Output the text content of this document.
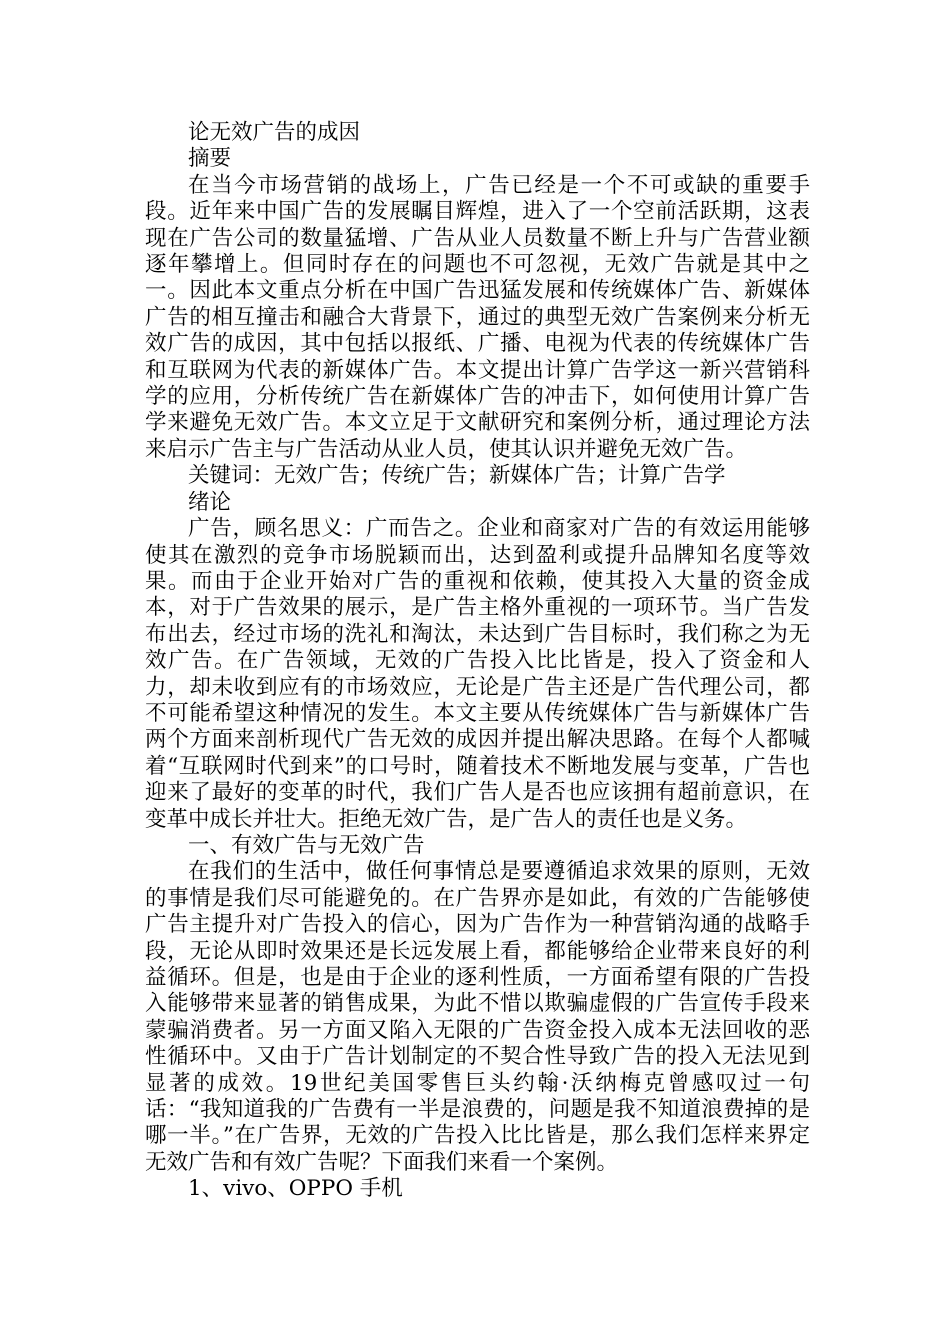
论无效广告的成因

摘要

在当今市场营销的战场上，广告已经是一个不可或缺的重要手段。近年来中国广告的发展瞩目辉煌，进入了一个空前活跃期，这表现在广告公司的数量猛增、广告从业人员数量不断上升与广告营业额逐年攀增上。但同时存在的问题也不可忽视，无效广告就是其中之一。因此本文重点分析在中国广告迅猛发展和传统媒体广告、新媒体广告的相互撞击和融合大背景下，通过的典型无效广告案例来分析无效广告的成因，其中包括以报纸、广播、电视为代表的传统媒体广告和互联网为代表的新媒体广告。本文提出计算广告学这一新兴营销科学的应用，分析传统广告在新媒体广告的冲击下，如何使用计算广告学来避免无效广告。本文立足于文献研究和案例分析，通过理论方法来启示广告主与广告活动从业人员，使其认识并避免无效广告。

关键词：无效广告；传统广告；新媒体广告；计算广告学

绪论

广告，顾名思义：广而告之。企业和商家对广告的有效运用能够使其在激烈的竞争市场脱颖而出，达到盈利或提升品牌知名度等效果。而由于企业开始对广告的重视和依赖，使其投入大量的资金成本，对于广告效果的展示，是广告主格外重视的一项环节。当广告发布出去，经过市场的洗礼和淘汰，未达到广告目标时，我们称之为无效广告。在广告领域，无效的广告投入比比皆是，投入了资金和人力，却未收到应有的市场效应，无论是广告主还是广告代理公司，都不可能希望这种情况的发生。本文主要从传统媒体广告与新媒体广告两个方面来剖析现代广告无效的成因并提出解决思路。在每个人都喊着“互联网时代到来”的口号时，随着技术不断地发展与变革，广告也迎来了最好的变革的时代，我们广告人是否也应该拥有超前意识，在变革中成长并壮大。拒绝无效广告，是广告人的责任也是义务。

一、有效广告与无效广告

在我们的生活中，做任何事情总是要遵循追求效果的原则，无效的事情是我们尽可能避免的。在广告界亦是如此，有效的广告能够使广告主提升对广告投入的信心，因为广告作为一种营销沟通的战略手段，无论从即时效果还是长远发展上看，都能够给企业带来良好的利益循环。但是，也是由于企业的逐利性质，一方面希望有限的广告投入能够带来显著的销售成果，为此不惜以欺骗虚假的广告宣传手段来蒙骗消费者。另一方面又陷入无限的广告资金投入成本无法回收的恶性循环中。又由于广告计划制定的不契合性导致广告的投入无法见到显著的成效。19世纪美国零售巨头约翰·沃纳梅克曾感叹过一句话：“我知道我的广告费有一半是浪费的，问题是我不知道浪费掉的是哪一半。”在广告界，无效的广告投入比比皆是，那么我们怎样来界定无效广告和有效广告呢？下面我们来看一个案例。

1、vivo、OPPO 手机
